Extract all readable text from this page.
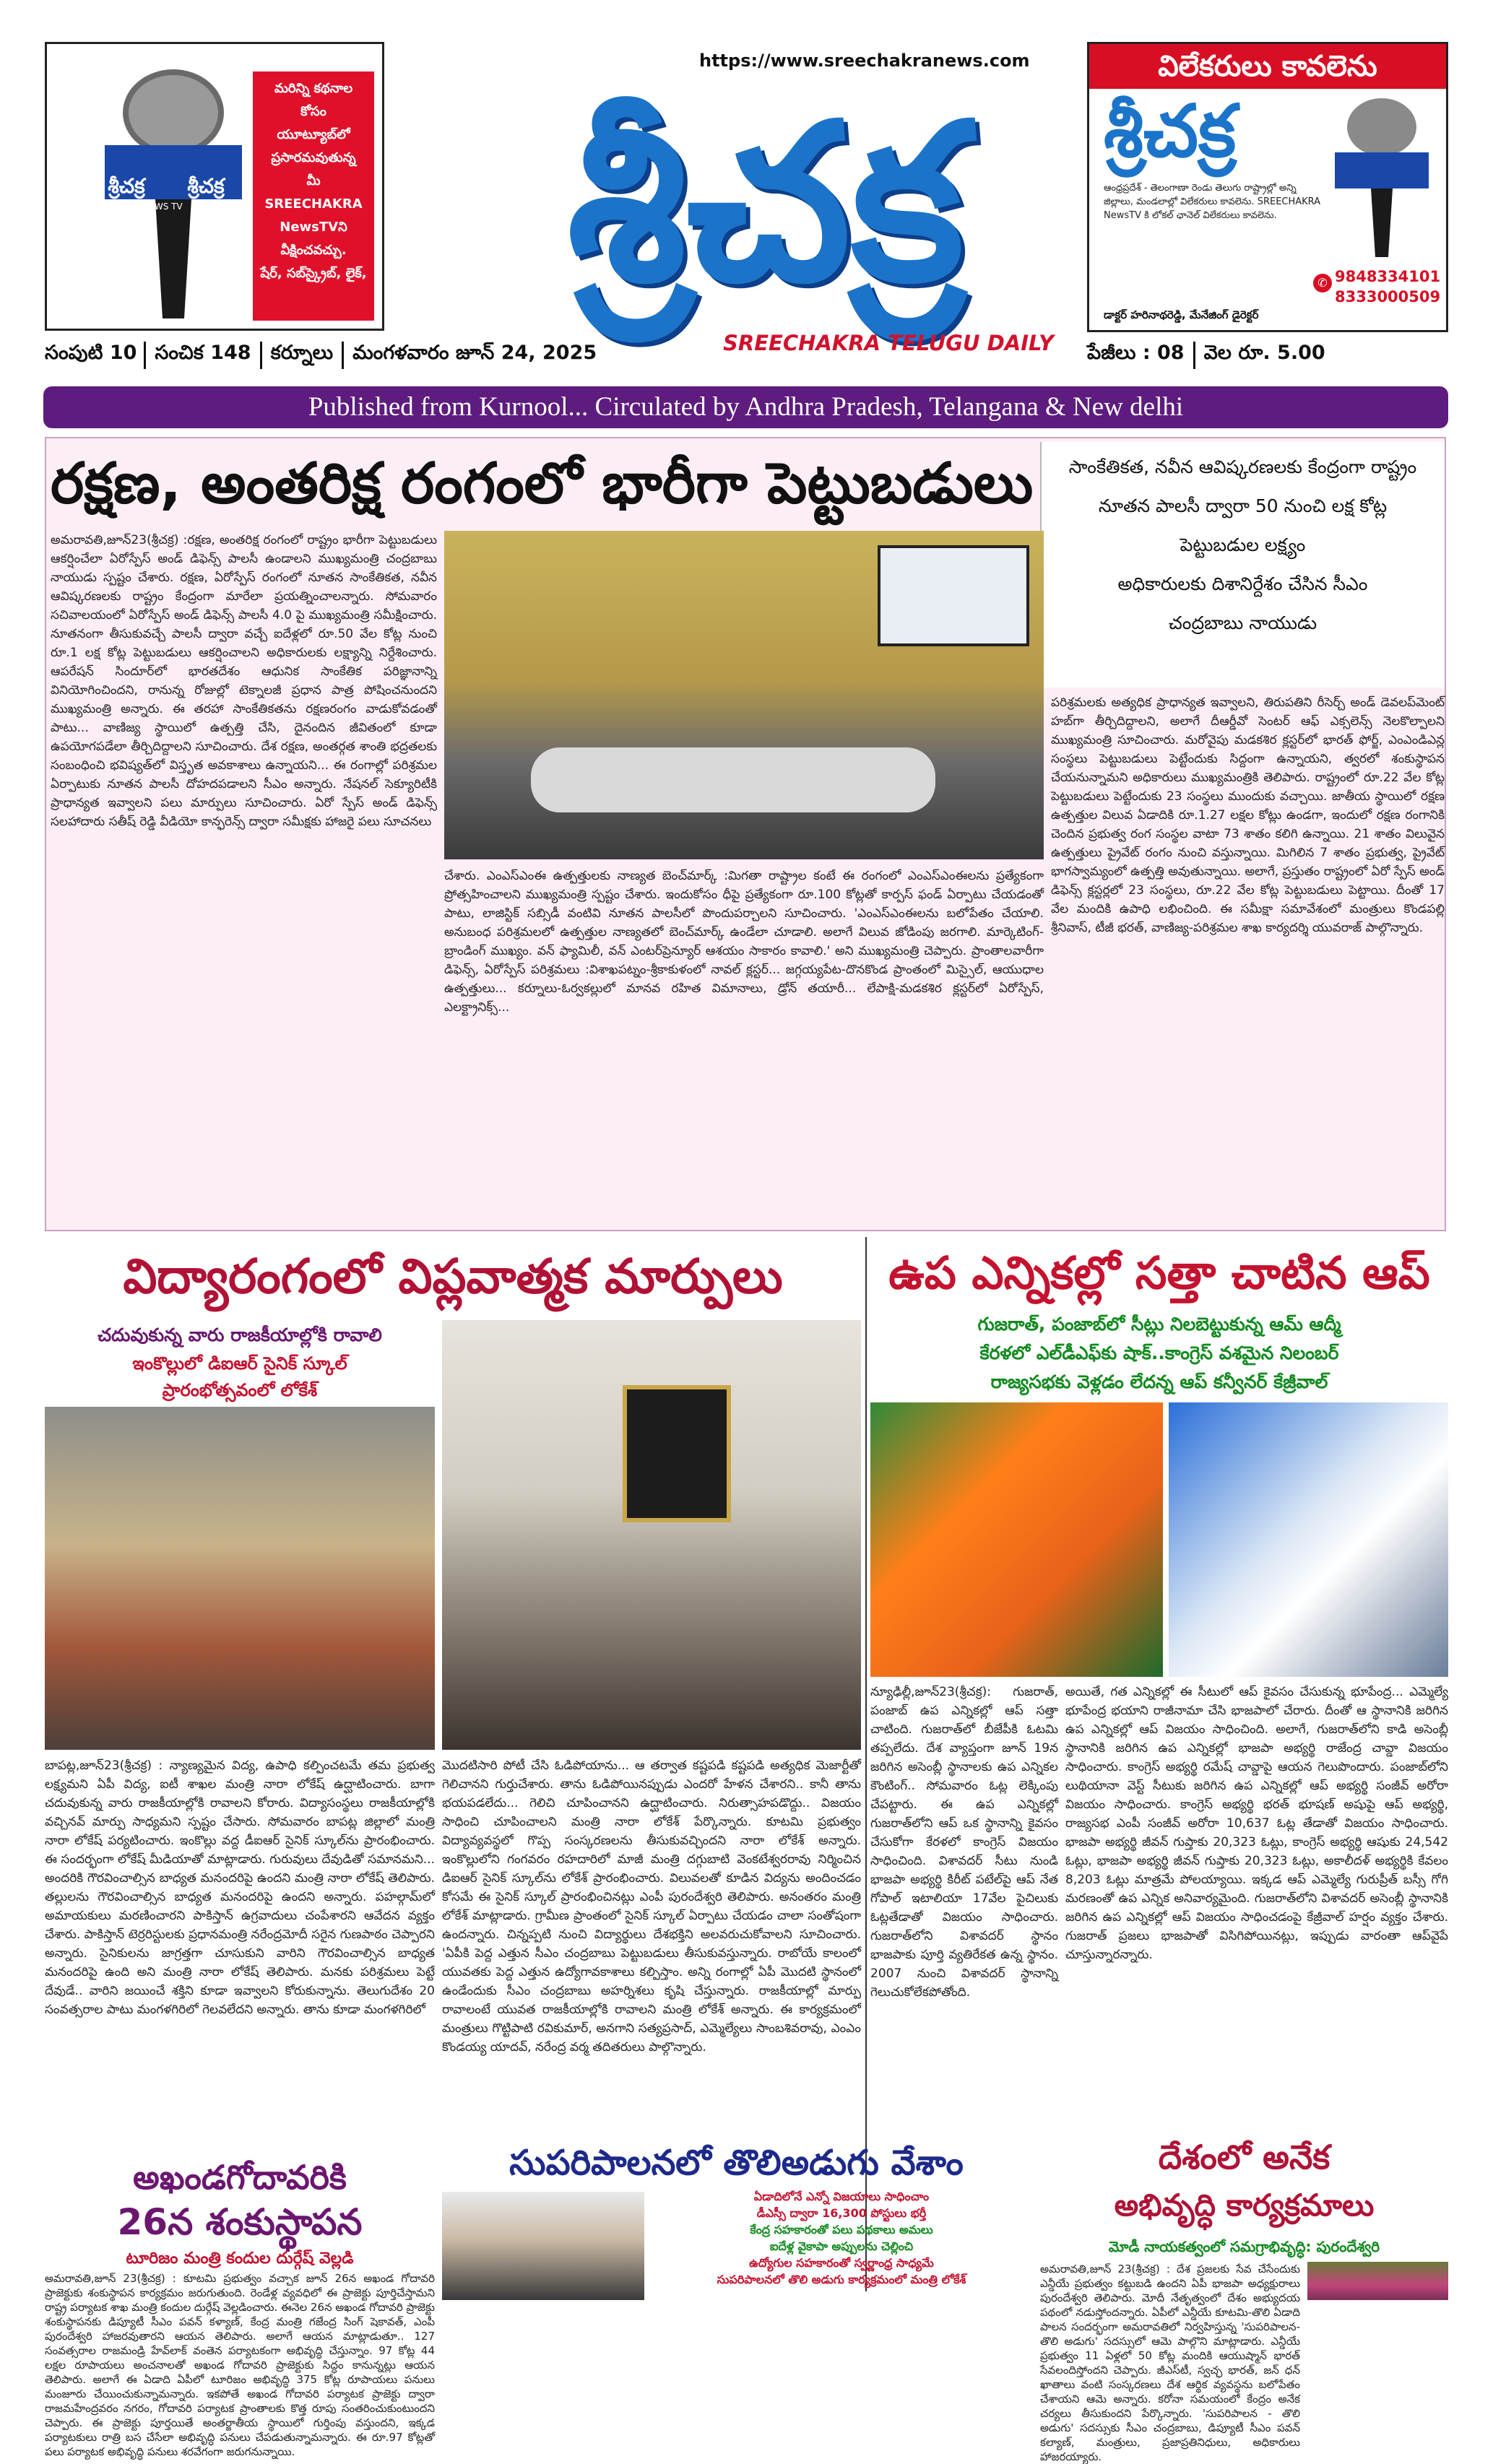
శ్రీచక్ర	శ్రీచక్ర
NEWS TV
మరిన్ని కథనాల
కోసం
యూట్యూబ్‌లో
ప్రసారమవుతున్న
మీ
SREECHAKRA
NewsTVని
వీక్షించవచ్చు.
షేర్, సబ్‌స్క్రైబ్, లైక్,
https://www.sreechakranews.com
శ్రీచక్ర
SREECHAKRA TELUGU DAILY
విలేకరులు కావలెను
శ్రీచక్ర
ఆంధ్రప్రదేశ్ - తెలంగాణా రెండు తెలుగు రాష్ట్రాల్లో అన్ని జిల్లాలు, మండలాల్లో విలేకరులు కావలెను. SREECHAKRA NewsTV కి లోకల్ ఛానెల్ విలేకరులు కావలెను.
✆ 9848334101
8333000509
డాక్టర్ హరినాథరెడ్డి, మేనేజింగ్ డైరెక్టర్
సంపుటి 10 సంచిక 148	కర్నూలు	మంగళవారం జూన్ 24, 2025	పేజీలు : 08	వెల రూ. 5.00
Published from Kurnool... Circulated by Andhra Pradesh, Telangana & New delhi
రక్షణ, అంతరిక్ష రంగంలో భారీగా పెట్టుబడులు	సాంకేతికత, నవీన ఆవిష్కరణలకు కేంద్రంగా రాష్ట్రం
నూతన పాలసీ ద్వారా 50 నుంచి లక్ష కోట్ల
పెట్టుబడుల లక్ష్యం
అధికారులకు దిశానిర్దేశం చేసిన సీఎం
చంద్రబాబు నాయుడు
అమరావతి,జూన్23(శ్రీచక్ర) :రక్షణ, అంతరిక్ష రంగంలో రాష్ట్రం భారీగా పెట్టుబడులు ఆకర్షించేలా ఏరోస్పేస్ అండ్ డిఫెన్స్ పాలసీ ఉండాలని ముఖ్యమంత్రి చంద్రబాబు నాయుడు స్పష్టం చేశారు. రక్షణ, ఏరోస్పేస్ రంగంలో నూతన సాంకేతికత, నవీన ఆవిష్కరణలకు రాష్ట్రం కేంద్రంగా మారేలా ప్రయత్నించాలన్నారు. సోమవారం సచివాలయంలో ఏరోస్పేస్ అండ్ డిఫెన్స్ పాలసీ 4.0 పై ముఖ్యమంత్రి సమీక్షించారు. నూతనంగా తీసుకువచ్చే పాలసీ ద్వారా వచ్చే ఐదేళ్లలో రూ.50 వేల కోట్ల నుంచి రూ.1 లక్ష కోట్ల పెట్టుబడులు ఆకర్షించాలని అధికారులకు లక్ష్యాన్ని నిర్దేశించారు. ఆపరేషన్ సిందూర్‌లో భారతదేశం ఆధునిక సాంకేతిక పరిజ్ఞానాన్ని వినియోగించిందని, రానున్న రోజుల్లో టెక్నాలజీ ప్రధాన పాత్ర పోషించనుందని ముఖ్యమంత్రి అన్నారు. ఈ తరహా సాంకేతికతను రక్షణరంగం వాడుకోవడంతో పాటు... వాణిజ్య స్థాయిలో ఉత్పత్తి చేసి, దైనందిన జీవితంలో కూడా ఉపయోగపడేలా తీర్చిదిద్దాలని సూచించారు. దేశ రక్షణ, అంతర్గత శాంతి భద్రతలకు సంబంధించి భవిష్యత్‌లో విస్తృత అవకాశాలు ఉన్నాయని... ఈ రంగాల్లో పరిశ్రమల ఏర్పాటుకు నూతన పాలసీ దోహదపడాలని సీఎం అన్నారు. నేషనల్ సెక్యూరిటీకి ప్రాధాన్యత ఇవ్వాలని పలు మార్పులు సూచించారు. ఏరో స్పేస్ అండ్ డిఫెన్స్ సలహాదారు సతీష్ రెడ్డి వీడియో కాన్ఫరెన్స్ ద్వారా సమీక్షకు హాజరై పలు సూచనలు
చేశారు. ఎంఎస్ఎంఈ ఉత్పత్తులకు నాణ్యత బెంచ్‌మార్క్ :మిగతా రాష్ట్రాల కంటే ఈ రంగంలో ఎంఎస్ఎంఈలను ప్రత్యేకంగా ప్రోత్సహించాలని ముఖ్యమంత్రి స్పష్టం చేశారు. ఇందుకోసం ధీపై ప్రత్యేకంగా రూ.100 కోట్లతో కార్పస్ ఫండ్ ఏర్పాటు చేయడంతో పాటు, లాజిస్టిక్ సబ్సిడీ వంటివి నూతన పాలసీలో పొందుపర్చాలని సూచించారు. 'ఎంఎస్ఎంఈలను బలోపేతం చేయాలి. అనుబంధ పరిశ్రమలలో ఉత్పత్తుల నాణ్యతలో బెంచ్‌మార్క్ ఉండేలా చూడాలి. అలాగే విలువ జోడింపు జరగాలి. మార్కెటింగ్-బ్రాండింగ్ ముఖ్యం. వన్ ఫ్యామిలీ, వన్ ఎంటర్‌ప్రెన్యూర్ ఆశయం సాకారం కావాలి.' అని ముఖ్యమంత్రి చెప్పారు. ప్రాంతాలవారీగా డిఫెన్స్, ఏరోస్పేస్ పరిశ్రమలు :విశాఖపట్నం-శ్రీకాకుళంలో నావల్ క్లస్టర్... జగ్గయ్యపేట-దొనకొండ ప్రాంతంలో మిస్సైల్, ఆయుధాల ఉత్పత్తులు... కర్నూలు-ఓర్వకల్లులో మానవ రహిత విమానాలు, డ్రోన్ తయారీ... లేపాక్షి-మడకశిర క్లస్టర్‌లో ఏరోస్పేస్, ఎలక్ట్రానిక్స్...
పరిశ్రమలకు అత్యధిక ప్రాధాన్యత ఇవ్వాలని, తిరుపతిని రీసెర్చ్ అండ్ డెవలప్‌మెంట్ హబ్‌గా తీర్చిదిద్దాలని, అలాగే దీఆర్డీవో సెంటర్ ఆఫ్ ఎక్సలెన్స్ నెలకొల్పాలని ముఖ్యమంత్రి సూచించారు. మరోవైపు మడకశిర క్లస్టర్‌లో భారత్ ఫోర్జ్, ఎంఎండిఎన్ల సంస్థలు పెట్టుబడులు పెట్టేందుకు సిద్దంగా ఉన్నాయని, త్వరలో శంకుస్థాపన చేయనున్నామని అధికారులు ముఖ్యమంత్రికి తెలిపారు. రాష్ట్రంలో రూ.22 వేల కోట్ల పెట్టుబడులు పెట్టేందుకు 23 సంస్థలు ముందుకు వచ్చాయి. జాతీయ స్థాయిలో రక్షణ ఉత్పత్తుల విలువ ఏడాదికి రూ.1.27 లక్షల కోట్లు ఉండగా, ఇందులో రక్షణ రంగానికి చెందిన ప్రభుత్వ రంగ సంస్థల వాటా 73 శాతం కలిగి ఉన్నాయి. 21 శాతం విలువైన ఉత్పత్తులు ప్రైవేట్ రంగం నుంచి వస్తున్నాయి. మిగిలిన 7 శాతం ప్రభుత్వ, ప్రైవేట్ భాగస్వామ్యంలో ఉత్పత్తి అవుతున్నాయి. అలాగే, ప్రస్తుతం రాష్ట్రంలో ఏరో స్పేస్ అండ్ డిఫెన్స్ క్లస్టర్లలో 23 సంస్థలు, రూ.22 వేల కోట్ల పెట్టుబడులు పెట్టాయి. దీంతో 17 వేల మందికి ఉపాధి లభించింది. ఈ సమీక్షా సమావేశంలో మంత్రులు కొండపల్లి శ్రీనివాస్, టీజీ భరత్, వాణిజ్య-పరిశ్రమల శాఖ కార్యదర్శి యువరాజ్ పాల్గొన్నారు.
విద్యారంగంలో విప్లవాత్మక మార్పులు
చదువుకున్న వారు రాజకీయాల్లోకి రావాలి
ఇంకొల్లులో డిఐఆర్ సైనిక్ స్కూల్
ప్రారంభోత్సవంలో లోకేశ్
బాపట్ల,జూన్23(శ్రీచక్ర) : న్యాణ్యమైన విద్య, ఉపాధి కల్పించటమే తమ ప్రభుత్వ లక్ష్యమని ఏపీ విద్య, ఐటీ శాఖల మంత్రి నారా లోకేష్ ఉద్ఘాటించారు. బాగా చదువుకున్న వారు రాజకీయాల్లోకి రావాలని కోరారు. విద్యాసంస్థలు రాజకీయాల్లోకి వచ్చినవ్ మార్పు సాధ్యమని స్పష్టం చేసారు. సోమవారం బాపట్ల జిల్లాలో మంత్రి నారా లోకేష్ పర్యటించారు. ఇంకొల్లు వద్ద డీఐఆర్ సైనిక్ స్కూల్‌ను ప్రారంభించారు. ఈ సందర్భంగా లోకేష్ మీడియాతో మాట్లాడారు. గురువులు దేవుడితో సమానమని... అందరికి గౌరవించాల్సిన బాధ్యత మనందరిపై ఉందని మంత్రి నారా లోకేష్ తెలిపారు. తల్లులను గౌరవించాల్సిన బాధ్యత మనందరిపై ఉందని అన్నారు. పహల్గామ్‌లో అమాయకులు మరణించారని పాకిస్తాన్ ఉగ్రవాదులు చంపేశారని ఆవేదన వ్యక్తం చేశారు. పాకిస్తాన్ టెర్రరిస్టులకు ప్రధానమంత్రి నరేంద్రమోదీ సరైన గుణపాఠం చెప్పారని అన్నారు. సైనికులను జాగ్రత్తగా చూసుకుని వారిని గౌరవించాల్సిన బాధ్యత మనందరిపై ఉంది అని మంత్రి నారా లోకేష్ తెలిపారు. మనకు పరిశ్రమలు పెట్టే దేవుడే.. వారిని జయించే శక్తిని కూడా ఇవ్వాలని కోరుకున్నాను. తెలుగుదేశం 20 సంవత్సరాల పాటు మంగళగిరిలో గెలవలేదని అన్నారు. తాను కూడా మంగళగిరిలో
మొదటిసారి పోటీ చేసి ఓడిపోయాను... ఆ తర్వాత కష్టపడి కష్టపడి అత్యధిక మెజార్టీతో గెలిచానని గుర్తుచేశారు. తాను ఓడిపోయినప్పుడు ఎందరో హేళన చేశారని.. కానీ తాను భయపడలేదు... గెలిచి చూపించానని ఉద్ఘాటించారు. నిరుత్సాహపడొద్దు.. విజయం సాధించి చూపించాలని మంత్రి నారా లోకేశ్ పేర్కొన్నారు. కూటమి ప్రభుత్వం విద్యావ్యవస్థలో గొప్ప సంస్కరణలను తీసుకువచ్చిందని నారా లోకేశ్ అన్నారు. ఇంకొల్లులోని గంగవరం రహదారిలో మాజీ మంత్రి దగ్గుబాటి వెంకటేశ్వరరావు నిర్మించిన డిఐఆర్ సైనిక్ స్కూల్‌ను లోకేశ్ ప్రారంభించారు. విలువలతో కూడిన విద్యను అందించడం కోసమే ఈ సైనిక్ స్కూల్ ప్రారంభించినట్లు ఎంపీ పురందేశ్వరి తెలిపారు. అనంతరం మంత్రి లోకేశ్ మాట్లాడారు. గ్రామీణ ప్రాంతంలో సైనిక్ స్కూల్ ఏర్పాటు చేయడం చాలా సంతోషంగా ఉందన్నారు. చిన్నప్పటి నుంచి విద్యార్థులు దేశభక్తిని అలవరుచుకోవాలని సూచించారు. 'ఏపీకి పెద్ద ఎత్తున సీఎం చంద్రబాబు పెట్టుబడులు తీసుకువస్తున్నారు. రాబోయే కాలంలో యువతకు పెద్ద ఎత్తున ఉద్యోగావకాశాలు కల్పిస్తాం. అన్ని రంగాల్లో ఏపీ మొదటి స్థానంలో ఉండేందుకు సీఎం చంద్రబాబు అహర్నిశలు కృషి చేస్తున్నారు. రాజకీయాల్లో మార్పు రావాలంటే యువత రాజకీయాల్లోకి రావాలని మంత్రి లోకేశ్ అన్నారు. ఈ కార్యక్రమంలో మంత్రులు గొట్టిపాటి రవికుమార్, అనగాని సత్యప్రసాద్, ఎమ్మెల్యేలు సాంబశివరావు, ఎంఎం కొండయ్య యాదవ్, నరేంద్ర వర్మ తదితరులు పాల్గొన్నారు.
ఉప ఎన్నికల్లో సత్తా చాటిన ఆప్
గుజరాత్, పంజాబ్‌లో సీట్లు నిలబెట్టుకున్న ఆమ్ ఆద్మీ
కేరళలో ఎల్‌డీఎఫ్‌కు షాక్..కాంగ్రెస్ వశమైన నిలంబర్
రాజ్యసభకు వెళ్లడం లేదన్న ఆప్ కన్వీనర్ కేజ్రీవాల్
న్యూఢిల్లీ,జూన్23(శ్రీచక్ర): గుజరాత్, పంజాబ్ ఉప ఎన్నికల్లో ఆప్ సత్తా చాటింది. గుజరాత్‌లో బీజేపీకి ఓటమి తప్పలేదు. దేశ వ్యాప్తంగా జూన్ 19న జరిగిన అసెంబ్లీ స్థానాలకు ఉప ఎన్నికల కౌంటింగ్.. సోమవారం ఓట్ల లెక్కింపు చేపట్టారు. ఈ ఉప ఎన్నికల్లో గుజరాత్‌లోని ఆప్ ఒక స్థానాన్ని కైవసం చేసుకోగా కేరళలో కాంగ్రెస్ విజయం సాధించింది. విశావదర్ సీటు నుండి భాజపా అభ్యర్థి కిరీట్ పటేల్‌పై ఆప్ నేత గోపాల్ ఇటాలియా 17వేల పైచిలుకు ఓట్లతేడాతో విజయం సాధించారు. గుజరాత్‌లోని విశావదర్ స్థానం భాజపాకు పూర్తి వ్యతిరేకత ఉన్న స్థానం. 2007 నుంచి విశావదర్ స్థానాన్ని గెలుచుకోలేకపోతోంది.
అయితే, గత ఎన్నికల్లో ఈ సీటులో ఆప్ కైవసం చేసుకున్న భూపేంద్ర... ఎమ్మెల్యే భూపేంద్ర భయాని రాజీనామా చేసి భాజపాలో చేరారు. దీంతో ఆ స్థానానికి జరిగిన ఉప ఎన్నికల్లో ఆప్ విజయం సాధించింది. అలాగే, గుజరాత్‌లోని కాడి అసెంబ్లీ స్థానానికి జరిగిన ఉప ఎన్నికల్లో భాజపా అభ్యర్థి రాజేంద్ర చావ్డా విజయం సాధించారు. కాంగ్రెస్ అభ్యర్థి రమేష్ చావ్డాపై ఆయన గెలుపొందారు. పంజాబ్‌లోని లుథియానా వెస్ట్ సీటుకు జరిగిన ఉప ఎన్నికల్లో ఆప్ అభ్యర్థి సంజీవ్ అరోరా విజయం సాధించారు. కాంగ్రెస్ అభ్యర్థి భరత్ భూషణ్ అషుపై ఆప్ అభ్యర్థి, రాజ్యసభ ఎంపీ సంజీవ్ అరోరా 10,637 ఓట్ల తేడాతో విజయం సాధించారు. భాజపా అభ్యర్థి జీవన్ గుప్తాకు 20,323 ఓట్లు, కాంగ్రెస్ అభ్యర్థి ఆషుకు 24,542 ఓట్లు, భాజపా అభ్యర్థి జీవన్ గుప్తాకు 20,323 ఓట్లు, అకాలీదళ్ అభ్యర్థికి కేవలం 8,203 ఓట్లు మాత్రమే పోలయ్యాయి. ఇక్కడ ఆప్ ఎమ్మెల్యే గురుప్రీత్ బస్సీ గోగి మరణంతో ఉప ఎన్నిక అనివార్యమైంది. గుజరాత్‌లోని విశావదర్ అసెంబ్లీ స్థానానికి జరిగిన ఉప ఎన్నికల్లో ఆప్ విజయం సాధించడంపై కేజ్రీవాల్ హర్షం వ్యక్తం చేశారు. గుజరాత్ ప్రజలు భాజపాతో విసిగిపోయినట్లు, ఇప్పుడు వారంతా ఆప్‌వైపే చూస్తున్నారన్నారు.
అఖండగోదావరికి
26న శంకుస్థాపన
టూరిజం మంత్రి కందుల దుర్గేష్ వెల్లడి
అమరావతి,జూన్ 23(శ్రీచక్ర) : కూటమి ప్రభుత్వం వచ్చాక జూన్ 26న అఖండ గోదావరి ప్రాజెక్టుకు శంకుస్థాపన కార్యక్రమం జరుగుతుంది. రెండేళ్ల వ్యవధిలో ఈ ప్రాజెక్టు పూర్తిచేస్తామని రాష్ట్ర పర్యాటక శాఖ మంత్రి కందుల దుర్గేష్ వెల్లడించారు. ఈనెల 26న అఖండ గోదావరి ప్రాజెక్టు శంకుస్థాపనకు డిప్యూటీ సీఎం పవన్ కళ్యాణ్, కేంద్ర మంత్రి గజేంద్ర సింగ్ షెకావత్, ఎంపీ పురందేశ్వరి హాజరవుతారని ఆయన తెలిపారు. అలాగే ఆయన మాట్లాడుతూ.. 127 సంవత్సరాల రాజమండ్రి హేవ్‌లాక్ వంతెన పర్యాటకంగా అభివృద్ధి చేస్తున్నాం. 97 కోట్ల 44 లక్షల రూపాయలు అంచనాలతో అఖండ గోదావరి ప్రాజెక్టుకు సిద్ధం కానున్నట్లు ఆయన తెలిపారు. అలాగే ఈ ఏడాది ఏపీలో టూరిజం అభివృద్ధి 375 కోట్ల రూపాయలు పనులు మంజూరు చేయించుకున్నామన్నారు. ఇకపోతే అఖండ గోదావరి పర్యాటక ప్రాజెక్టు ద్వారా రాజమహేంద్రవరం నగరం, గోదావరి పర్యాటక ప్రాంతాలకు కొత్త రూపు సంతరించుకుంటుందని చెప్పారు. ఈ ప్రాజెక్టు పూర్తయితే అంతర్జాతీయ స్థాయిలో గుర్తింపు వస్తుందని, ఇక్కడ పర్యాటకులు రాత్రి బస చేసేలా అభివృద్ధి పనులు చేపడుతున్నామన్నారు. ఈ రూ.97 కోట్లతో పలు పర్యాటక అభివృద్ధి పనులు శరవేగంగా జరుగనున్నాయి.
సుపరిపాలనలో తొలిఅడుగు వేశాం
ఏడాదిలోనే ఎన్నో విజయాలు సాధించాం
డీఎస్సీ ద్వారా 16,300 పోస్టులు భర్తీ
కేంద్ర సహకారంతో పలు పథకాలు అమలు
ఐదేళ్ల వైకాపా అప్పులను చెల్లించి
ఉద్యోగుల సహకారంతో స్వర్ణాంధ్ర సాధ్యమే
సుపరిపాలనలో తొలి అడుగు కార్యక్రమంలో మంత్రి లోకేశ్
దేశంలో అనేక
అభివృద్ధి కార్యక్రమాలు
మోడీ నాయకత్వంలో సమగ్రాభివృద్ధి: పురందేశ్వరి
అమరావతి,జూన్ 23(శ్రీచక్ర) : దేశ ప్రజలకు సేవ చేసేందుకు ఎన్డీయే ప్రభుత్వం కట్టుబడి ఉందని ఏపీ భాజపా అధ్యక్షురాలు పురందేశ్వరి తెలిపారు. మోదీ నేతృత్వంలో దేశం అభ్యుదయ పథంలో నడుస్తోందన్నారు. ఏపీలో ఎన్డీయే కూటమి-తొలి ఏడాది పాలన సందర్భంగా అమరావతిలో నిర్వహిస్తున్న 'సుపరిపాలన-తొలి అడుగు' సదస్సులో ఆమె పాల్గొని మాట్లాడారు. ఎన్డీయే ప్రభుత్వం 11 ఏళ్లలో 50 కోట్ల మందికి ఆయుష్మాన్ భారత్ సేవలందిస్తోందని చెప్పారు. జీఎస్‌టీ, స్వచ్ఛ భారత్, జన్ ధన్ ఖాతాలు వంటి సంస్కరణలు దేశ ఆర్థిక వ్యవస్థను బలోపేతం చేశాయని ఆమె అన్నారు. కరోనా సమయంలో కేంద్రం అనేక చర్యలు తీసుకుందని పేర్కొన్నారు. 'సుపరిపాలన - తొలి అడుగు' సదస్సుకు సీఎం చంద్రబాబు, డిప్యూటీ సీఎం పవన్ కల్యాణ్, మంత్రులు, ప్రజాప్రతినిధులు, అధికారులు హాజరయ్యారు.
